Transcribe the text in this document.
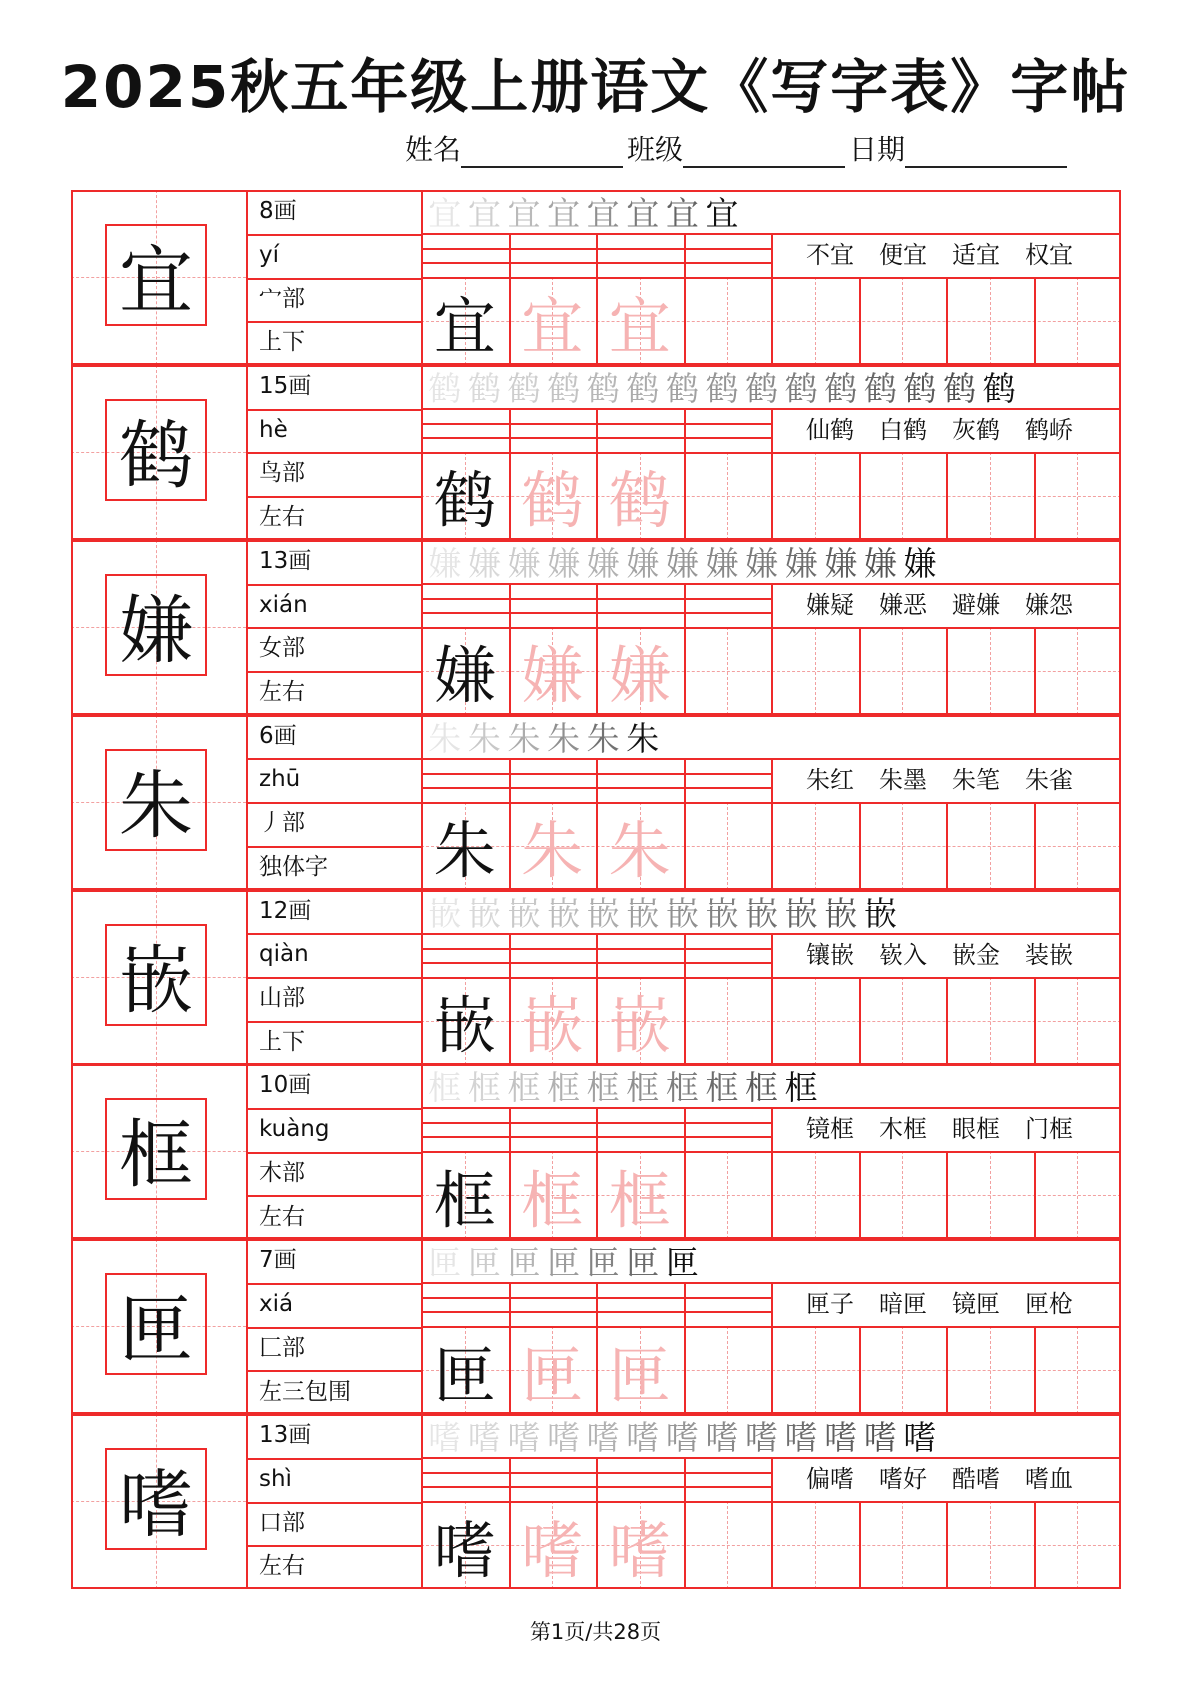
2025秋五年级上册语文《写字表》字帖
姓名	班级	日期
宜
8画
yí
宀部
上下
宜 宜 宜 宜 宜 宜 宜 宜
不宜	便宜	适宜	权宜
宜 宜 宜
鹤
15画
hè
鸟部
左右
鹤 鹤 鹤 鹤 鹤 鹤 鹤 鹤 鹤 鹤 鹤 鹤 鹤 鹤 鹤
仙鹤	白鹤	灰鹤	鹤峤
鹤 鹤 鹤
嫌
13画
xián
女部
左右
嫌 嫌 嫌 嫌 嫌 嫌 嫌 嫌 嫌 嫌 嫌 嫌 嫌
嫌疑	嫌恶	避嫌	嫌怨
嫌 嫌 嫌
朱
6画
zhū
丿部
独体字
朱 朱 朱 朱 朱 朱
朱红	朱墨	朱笔	朱雀
朱 朱 朱
嵌
12画
qiàn
山部
上下
嵌 嵌 嵌 嵌 嵌 嵌 嵌 嵌 嵌 嵌 嵌 嵌
镶嵌	嵚入	嵌金	装嵌
嵌 嵌 嵌
框
10画
kuàng
木部
左右
框 框 框 框 框 框 框 框 框 框
镜框	木框	眼框	门框
框 框 框
匣
7画
xiá
匚部
左三包围
匣 匣 匣 匣 匣 匣 匣
匣子	暗匣	镜匣	匣枪
匣 匣 匣
嗜
13画
shì
口部
左右
嗜 嗜 嗜 嗜 嗜 嗜 嗜 嗜 嗜 嗜 嗜 嗜 嗜
偏嗜	嗜好	酷嗜	嗜血
嗜 嗜 嗜
第1页/共28页
